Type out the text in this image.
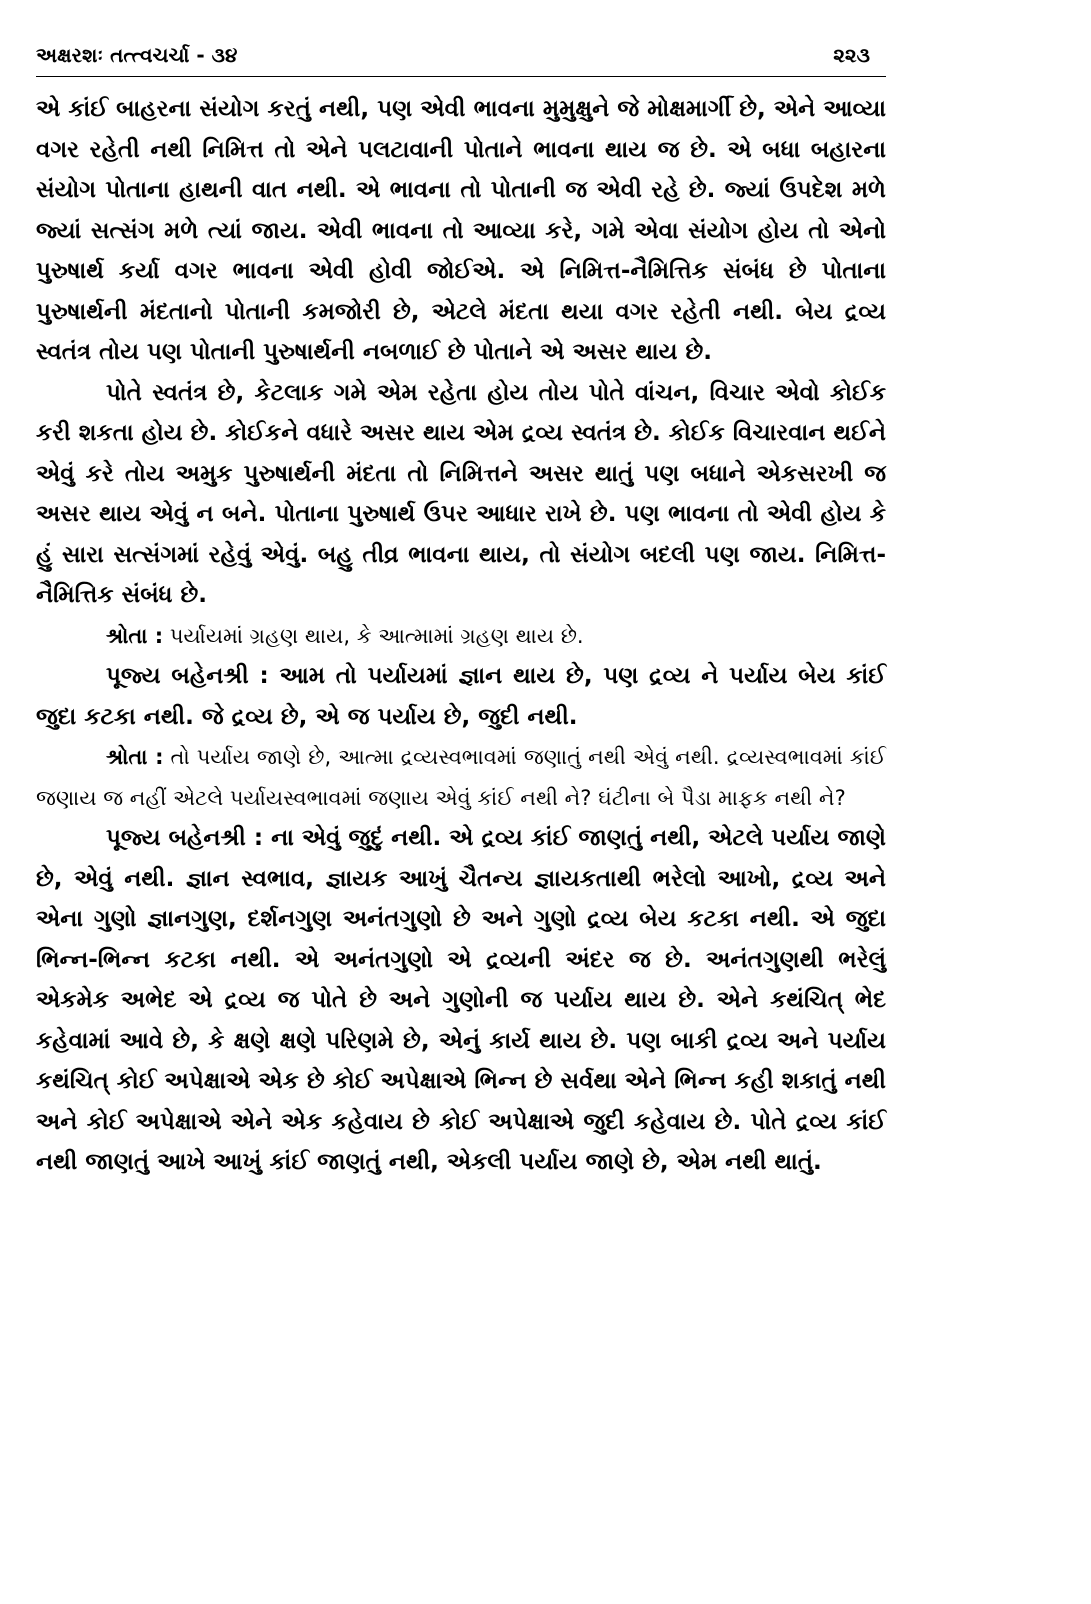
અક્ષરશઃ તત્ત્વચર્ચા - ૩૪	૨૨૩

એ કાંઈ બાહરના સંયોગ કરતું નથી, પણ એવી ભાવના મુમુક્ષુને જે મોક્ષમાર્ગી છે, એને આવ્યા વગર રહેતી નથી નિમિત્ત તો એને પલટાવાની પોતાને ભાવના થાય જ છે. એ બધા બહારના સંયોગ પોતાના હાથની વાત નથી. એ ભાવના તો પોતાની જ એવી રહે છે. જ્યાં ઉપદેશ મળે જ્યાં સત્સંગ મળે ત્યાં જાય. એવી ભાવના તો આવ્યા કરે, ગમે એવા સંયોગ હોય તો એનો પુરુષાર્થ કર્યા વગર ભાવના એવી હોવી જોઈએ. એ નિમિત્ત-નૈમિત્તિક સંબંધ છે પોતાના પુરુષાર્થની મંદતાનો પોતાની કમજોરી છે, એટલે મંદતા થયા વગર રહેતી નથી. બેય દ્રવ્ય સ્વતંત્ર તોય પણ પોતાની પુરુષાર્થની નબળાઈ છે પોતાને એ અસર થાય છે.

પોતે સ્વતંત્ર છે, કેટલાક ગમે એમ રહેતા હોય તોય પોતે વાંચન, વિચાર એવો કોઈક કરી શકતા હોય છે. કોઈકને વધારે અસર થાય એમ દ્રવ્ય સ્વતંત્ર છે. કોઈક વિચારવાન થઈને એવું કરે તોય અમુક પુરુષાર્થની મંદતા તો નિમિત્તને અસર થાતું પણ બધાને એકસરખી જ અસર થાય એવું ન બને. પોતાના પુરુષાર્થ ઉપર આધાર રાખે છે. પણ ભાવના તો એવી હોય કે હું સારા સત્સંગમાં રહેવું એવું. બહુ તીવ્ર ભાવના થાય, તો સંયોગ બદલી પણ જાય. નિમિત્ત-નૈમિત્તિક સંબંધ છે.

શ્રોતા : પર્યાયમાં ગ્રહણ થાય, કે આત્મામાં ગ્રહણ થાય છે.

પૂજ્ય બહેનશ્રી : આમ તો પર્યાયમાં જ્ઞાન થાય છે, પણ દ્રવ્ય ને પર્યાય બેય કાંઈ જુદા કટકા નથી. જે દ્રવ્ય છે, એ જ પર્યાય છે, જુદી નથી.

શ્રોતા : તો પર્યાય જાણે છે, આત્મા દ્રવ્યસ્વભાવમાં જણાતું નથી એવું નથી. દ્રવ્યસ્વભાવમાં કાંઈ જણાય જ નહીં એટલે પર્યાયસ્વભાવમાં જણાય એવું કાંઈ નથી ને? ઘંટીના બે પૈડા માફક નથી ને?

પૂજ્ય બહેનશ્રી : ના એવું જુદું નથી. એ દ્રવ્ય કાંઈ જાણતું નથી, એટલે પર્યાય જાણે છે, એવું નથી. જ્ઞાન સ્વભાવ, જ્ઞાયક આખું ચૈતન્ય જ્ઞાયકતાથી ભરેલો આખો, દ્રવ્ય અને એના ગુણો જ્ઞાનગુણ, દર્શનગુણ અનંતગુણો છે અને ગુણો દ્રવ્ય બેય કટકા નથી. એ જુદા ભિન્ન-ભિન્ન કટકા નથી. એ અનંતગુણો એ દ્રવ્યની અંદર જ છે. અનંતગુણથી ભરેલું એકમેક અભેદ એ દ્રવ્ય જ પોતે છે અને ગુણોની જ પર્યાય થાય છે. એને કથંચિત્ ભેદ કહેવામાં આવે છે, કે ક્ષણે ક્ષણે પરિણમે છે, એનું કાર્ય થાય છે. પણ બાકી દ્રવ્ય અને પર્યાય કથંચિત્ કોઈ અપેક્ષાએ એક છે કોઈ અપેક્ષાએ ભિન્ન છે સર્વથા એને ભિન્ન કહી શકાતું નથી અને કોઈ અપેક્ષાએ એને એક કહેવાય છે કોઈ અપેક્ષાએ જુદી કહેવાય છે. પોતે દ્રવ્ય કાંઈ નથી જાણતું આખે આખું કાંઈ જાણતું નથી, એકલી પર્યાય જાણે છે, એમ નથી થાતું.
